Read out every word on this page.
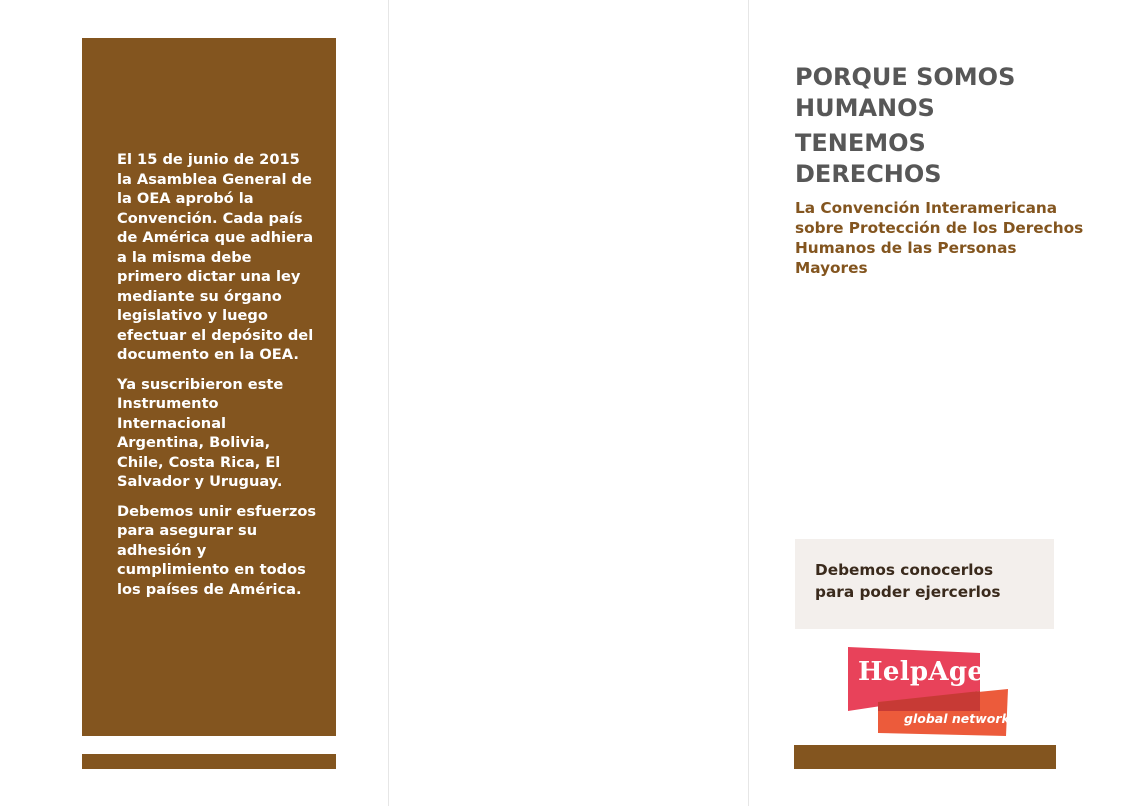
El 15 de junio de 2015 la Asamblea General de la OEA aprobó la Convención. Cada país de América que adhiera a la misma debe primero dictar una ley mediante su órgano legislativo y luego efectuar el depósito del documento en la OEA.

Ya suscribieron este Instrumento Internacional Argentina, Bolivia, Chile, Costa Rica, El Salvador y Uruguay.

Debemos unir esfuerzos para asegurar su adhesión y cumplimiento en todos los países de América.

PORQUE SOMOS HUMANOS

TENEMOS DERECHOS

La Convención Interamericana sobre Protección de los Derechos Humanos de las Personas Mayores
Debemos conocerlos para poder ejercerlos
HelpAge
global network
